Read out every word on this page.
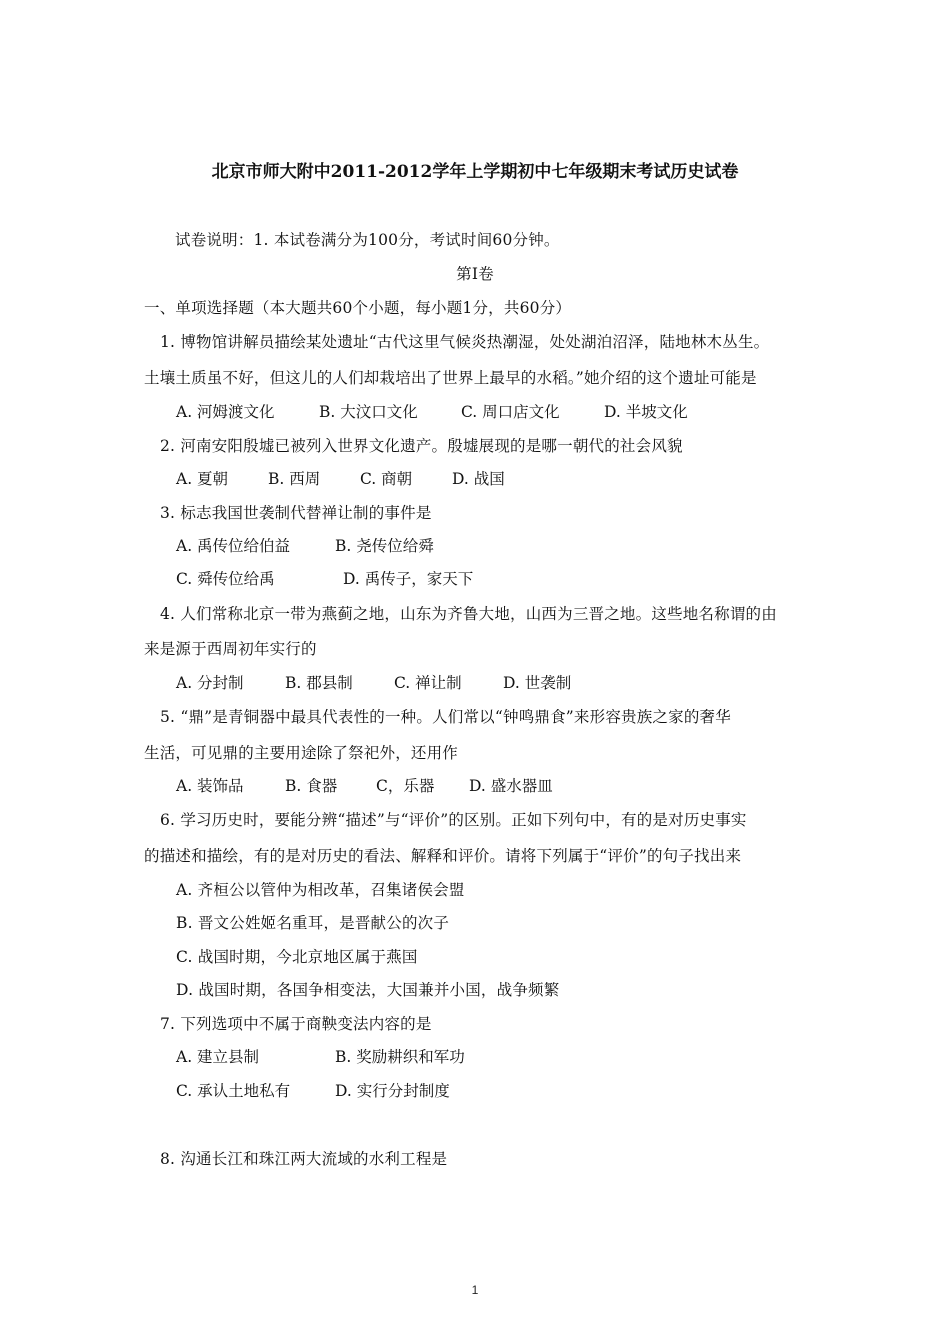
北京市师大附中2011-2012学年上学期初中七年级期末考试历史试卷
试卷说明：1. 本试卷满分为100分，考试时间60分钟。
第Ⅰ卷
一、单项选择题（本大题共60个小题，每小题1分，共60分）
1. 博物馆讲解员描绘某处遗址“古代这里气候炎热潮湿，处处湖泊沼泽，陆地林木丛生。
土壤土质虽不好，但这儿的人们却栽培出了世界上最早的水稻。”她介绍的这个遗址可能是
A. 河姆渡文化	B. 大汶口文化	C. 周口店文化	D. 半坡文化
2. 河南安阳殷墟已被列入世界文化遗产。殷墟展现的是哪一朝代的社会风貌
A. 夏朝	B. 西周	C. 商朝	D. 战国
3. 标志我国世袭制代替禅让制的事件是
A. 禹传位给伯益	B. 尧传位给舜
C. 舜传位给禹	D. 禹传子，家天下
4. 人们常称北京一带为燕蓟之地，山东为齐鲁大地，山西为三晋之地。这些地名称谓的由
来是源于西周初年实行的
A. 分封制	B. 郡县制	C. 禅让制	D. 世袭制
5. “鼎”是青铜器中最具代表性的一种。人们常以“钟鸣鼎食”来形容贵族之家的奢华
生活，可见鼎的主要用途除了祭祀外，还用作
A. 装饰品	B. 食器	C，乐器 D. 盛水器皿
6. 学习历史时，要能分辨“描述”与“评价”的区别。正如下列句中，有的是对历史事实
的描述和描绘，有的是对历史的看法、解释和评价。请将下列属于“评价”的句子找出来
A. 齐桓公以管仲为相改革，召集诸侯会盟
B. 晋文公姓姬名重耳，是晋献公的次子
C. 战国时期，今北京地区属于燕国
D. 战国时期，各国争相变法，大国兼并小国，战争频繁
7. 下列选项中不属于商鞅变法内容的是
A. 建立县制	B. 奖励耕织和军功
C. 承认土地私有	D. 实行分封制度
8. 沟通长江和珠江两大流域的水利工程是
1
